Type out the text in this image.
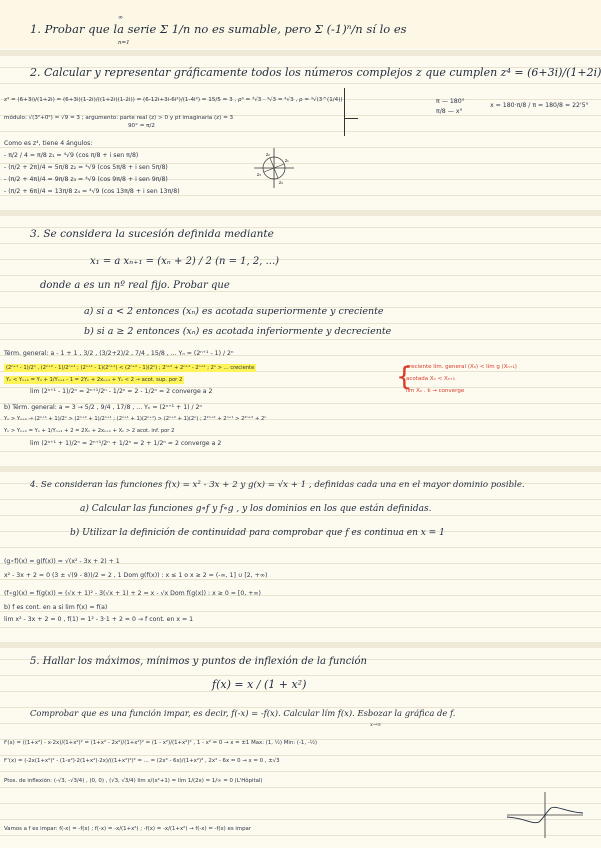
1. Probar que la serie Σ 1/n no es sumable, pero Σ (-1)ⁿ/n sí lo es
∞
n=1
2. Calcular y representar gráficamente todos los números complejos z que cumplen z⁴ = (6+3i)/(1+2i)
z⁴ = (6+3i)/(1+2i) = (6+3i)(1-2i)/((1+2i)(1-2i)) = (6-12i+3i-6i²)/(1-4i²) = 15/5 = 3 , ρ⁴ = ³√3 · ⁴√3 = ⁴√3 , ρ = ⁴√(3^(1/4))
módulo: √(3²+0²) = √9 = 3 ; argumento: parte real (z) > 0 y pt imaginaria (z) = 3
90° = π/2
π — 180°
π/8 — x°
x = 180·π/8 / π = 180/8 = 22'5°
Como es z⁴, tiene 4 ángulos:
- π/2 / 4 = π/8 z₁ = ⁴√9 (cos π/8 + i sen π/8)
- (π/2 + 2π)/4 = 5π/8 z₂ = ⁴√9 (cos 5π/8 + i sen 5π/8)
- (π/2 + 4π)/4 = 9π/8 z₃ = ⁴√9 (cos 9π/8 + i sen 9π/8)
- (π/2 + 6π)/4 = 13π/8 z₄ = ⁴√9 (cos 13π/8 + i sen 13π/8)
z₁
z₂
z₃
z₄
3. Se considera la sucesión definida mediante
x₁ = a xₙ₊₁ = (xₙ + 2) / 2 (n = 1, 2, ...)
donde a es un nº real fijo. Probar que
a) si a < 2 entonces (xₙ) es acotada superiormente y creciente
b) si a ≥ 2 entonces (xₙ) es acotada inferiormente y decreciente
Térm. general: a - 1 + 1 , 3/2 , (3/2+2)/2 , 7/4 , 15/8 , ... Yₙ = (2ⁿ⁺¹ - 1) / 2ⁿ
(2ⁿ⁺¹ - 1)/2ⁿ , (2ⁿ⁺² - 1)/2ⁿ⁺¹ ; (2ⁿ⁺¹ - 1)(2ⁿ⁺¹) < (2ⁿ⁺² - 1)(2ⁿ) ; 2ⁿ⁺² + 2ⁿ⁺¹ - 2ⁿ⁺² ; 2ⁿ > ... creciente
Yₙ < Yₙ₊₁ = Yₙ + 1/Yₙ₊₁ - 1 = 2Yₙ + 2xₙ₊₁ + Yₙ < 2 → acot. sup. por 2
lim (2ⁿ⁺¹ - 1)/2ⁿ = 2ⁿ⁺¹/2ⁿ - 1/2ⁿ = 2 - 1/2ⁿ = 2 converge a 2
creciente lím. general (Xₙ) < lím g (Xₙ₊₁)
acotada Xₙ < Xₙ₊₁
lím Xₙ . k → converge
{
b) Térm. general: a = 3 → 5/2 , 9/4 , 17/8 , ... Yₙ = (2ⁿ⁺¹ + 1) / 2ⁿ
Yₙ > Yₙ₊₁ → (2ⁿ⁺¹ + 1)/2ⁿ > (2ⁿ⁺² + 1)/2ⁿ⁺¹ ; (2ⁿ⁺¹ + 1)(2ⁿ⁺¹) > (2ⁿ⁺² + 1)(2ⁿ) ; 2²ⁿ⁺² + 2ⁿ⁺¹ > 2²ⁿ⁺² + 2ⁿ
Yₙ > Yₙ₊₁ = Yₙ + 1/Yₙ₊₁ + 2 = 2Xₙ + 2xₙ₊₁ + Xₙ > 2 acot. inf. por 2
lim (2ⁿ⁺¹ + 1)/2ⁿ = 2ⁿ⁺¹/2ⁿ + 1/2ⁿ = 2 + 1/2ⁿ = 2 converge a 2
4. Se consideran las funciones f(x) = x² - 3x + 2 y g(x) = √x + 1 , definidas cada una en el mayor dominio posible.
a) Calcular las funciones g∘f y f∘g , y los dominios en los que están definidas.
b) Utilizar la definición de continuidad para comprobar que f es continua en x = 1
(g∘f)(x) = g(f(x)) = √(x² - 3x + 2) + 1
x² - 3x + 2 = 0 (3 ± √(9 - 8))/2 = 2 , 1 Dom g(f(x)) : x ≤ 1 o x ≥ 2 = (-∞, 1] ∪ [2, +∞)
(f∘g)(x) = f(g(x)) = (√x + 1)² - 3(√x + 1) + 2 = x - √x Dom f(g(x)) : x ≥ 0 = [0, +∞)
b) f es cont. en a si lim f(x) = f(a)
lim x² - 3x + 2 = 0 , f(1) = 1² - 3·1 + 2 = 0 → f cont. en x = 1
5. Hallar los máximos, mínimos y puntos de inflexión de la función
f(x) = x / (1 + x²)
Comprobar que es una función impar, es decir, f(-x) = -f(x). Calcular lím f(x). Esbozar la gráfica de f.
x→∞
f'(x) = ((1+x²) - x·2x)/(1+x²)² = (1+x² - 2x²)/(1+x²)² = (1 - x²)/(1+x²)² , 1 - x² = 0 → x = ±1 Max: (1, ½) Min: (-1, -½)
f''(x) = (-2x(1+x²)² - (1-x²)·2(1+x²)·2x)/((1+x²)²)² = ... = (2x³ - 6x)/(1+x²)³ , 2x³ - 6x = 0 → x = 0 , ±√3
Ptos. de inflexión: (-√3, -√3/4) , (0, 0) , (√3, √3/4) lím x/(x²+1) = lím 1/(2x) = 1/∞ = 0 (L'Hôpital)
Vamos a f es impar: f(-x) = -f(x) ; f(-x) = -x/(1+x²) ; -f(x) = -x/(1+x²) → f(-x) = -f(x) es impar
